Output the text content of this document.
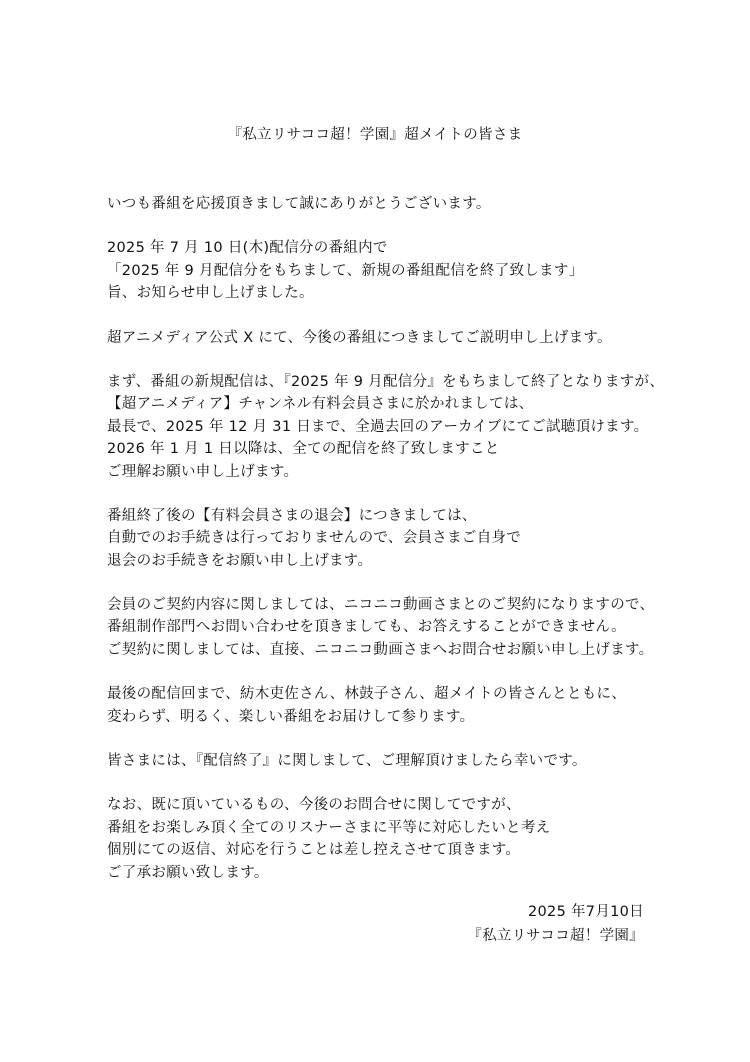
『私立リサココ超！学園』超メイトの皆さま
いつも番組を応援頂きまして誠にありがとうございます。
2025 年 7 月 10 日(木)配信分の番組内で
「2025 年 9 月配信分をもちまして、新規の番組配信を終了致します」
旨、お知らせ申し上げました。
超アニメディア公式 X にて、今後の番組につきましてご説明申し上げます。
まず、番組の新規配信は、『2025 年 9 月配信分』をもちまして終了となりますが、
【超アニメディア】チャンネル有料会員さまに於かれましては、
最長で、2025 年 12 月 31 日まで、全過去回のアーカイブにてご試聴頂けます。
2026 年 1 月 1 日以降は、全ての配信を終了致しますこと
ご理解お願い申し上げます。
番組終了後の【有料会員さまの退会】につきましては、
自動でのお手続きは行っておりませんので、会員さまご自身で
退会のお手続きをお願い申し上げます。
会員のご契約内容に関しましては、ニコニコ動画さまとのご契約になりますので、
番組制作部門へお問い合わせを頂きましても、お答えすることができません。
ご契約に関しましては、直接、ニコニコ動画さまへお問合せお願い申し上げます。
最後の配信回まで、紡木吏佐さん、林鼓子さん、超メイトの皆さんとともに、
変わらず、明るく、楽しい番組をお届けして参ります。
皆さまには、『配信終了』に関しまして、ご理解頂けましたら幸いです。
なお、既に頂いているもの、今後のお問合せに関してですが、
番組をお楽しみ頂く全てのリスナーさまに平等に対応したいと考え
個別にての返信、対応を行うことは差し控えさせて頂きます。
ご了承お願い致します。
2025 年7月10日
『私立リサココ超！学園』
